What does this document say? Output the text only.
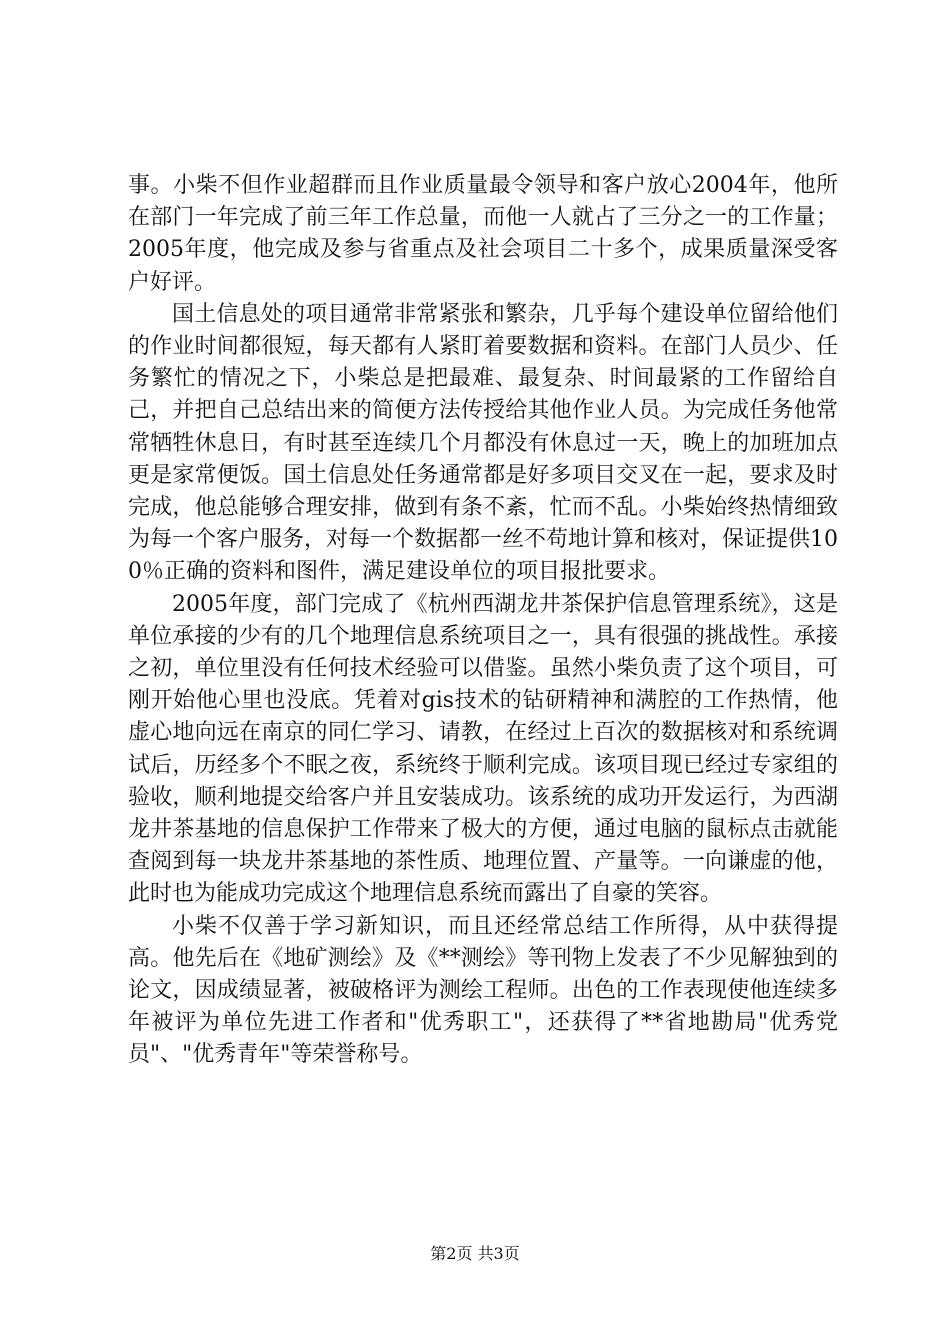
事。小柴不但作业超群而且作业质量最令领导和客户放心2004年，他所在部门一年完成了前三年工作总量，而他一人就占了三分之一的工作量；2005年度，他完成及参与省重点及社会项目二十多个，成果质量深受客户好评。

国土信息处的项目通常非常紧张和繁杂，几乎每个建设单位留给他们的作业时间都很短，每天都有人紧盯着要数据和资料。在部门人员少、任务繁忙的情况之下，小柴总是把最难、最复杂、时间最紧的工作留给自己，并把自己总结出来的简便方法传授给其他作业人员。为完成任务他常常牺牲休息日，有时甚至连续几个月都没有休息过一天，晚上的加班加点更是家常便饭。国土信息处任务通常都是好多项目交叉在一起，要求及时完成，他总能够合理安排，做到有条不紊，忙而不乱。小柴始终热情细致为每一个客户服务，对每一个数据都一丝不苟地计算和核对，保证提供100％正确的资料和图件，满足建设单位的项目报批要求。

2005年度，部门完成了《杭州西湖龙井茶保护信息管理系统》，这是单位承接的少有的几个地理信息系统项目之一，具有很强的挑战性。承接之初，单位里没有任何技术经验可以借鉴。虽然小柴负责了这个项目，可刚开始他心里也没底。凭着对gis技术的钻研精神和满腔的工作热情，他虚心地向远在南京的同仁学习、请教，在经过上百次的数据核对和系统调试后，历经多个不眠之夜，系统终于顺利完成。该项目现已经过专家组的验收，顺利地提交给客户并且安装成功。该系统的成功开发运行，为西湖龙井茶基地的信息保护工作带来了极大的方便，通过电脑的鼠标点击就能查阅到每一块龙井茶基地的茶性质、地理位置、产量等。一向谦虚的他，此时也为能成功完成这个地理信息系统而露出了自豪的笑容。

小柴不仅善于学习新知识，而且还经常总结工作所得，从中获得提高。他先后在《地矿测绘》及《**测绘》等刊物上发表了不少见解独到的论文，因成绩显著，被破格评为测绘工程师。出色的工作表现使他连续多年被评为单位先进工作者和"优秀职工"，还获得了**省地勘局"优秀党员"、"优秀青年"等荣誉称号。

第2页 共3页
